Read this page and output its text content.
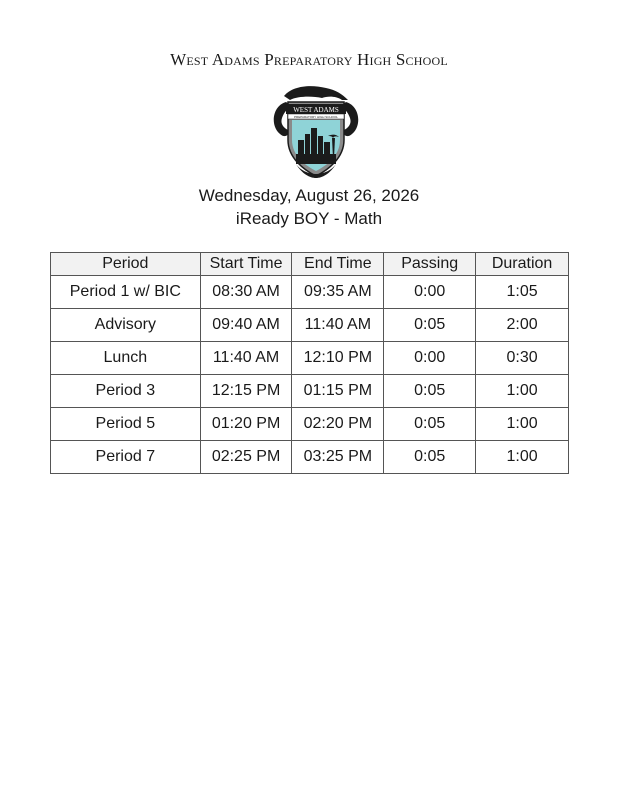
West Adams Preparatory High School
WEST ADAMS
PREPARATORY HIGH SCHOOL
Wednesday, August 26, 2026
iReady BOY - Math
Period	Start Time	End Time	Passing	Duration
Period 1 w/ BIC	08:30 AM	09:35 AM	0:00	1:05
Advisory	09:40 AM	11:40 AM	0:05	2:00
Lunch	11:40 AM	12:10 PM	0:00	0:30
Period 3	12:15 PM	01:15 PM	0:05	1:00
Period 5	01:20 PM	02:20 PM	0:05	1:00
Period 7	02:25 PM	03:25 PM	0:05	1:00
